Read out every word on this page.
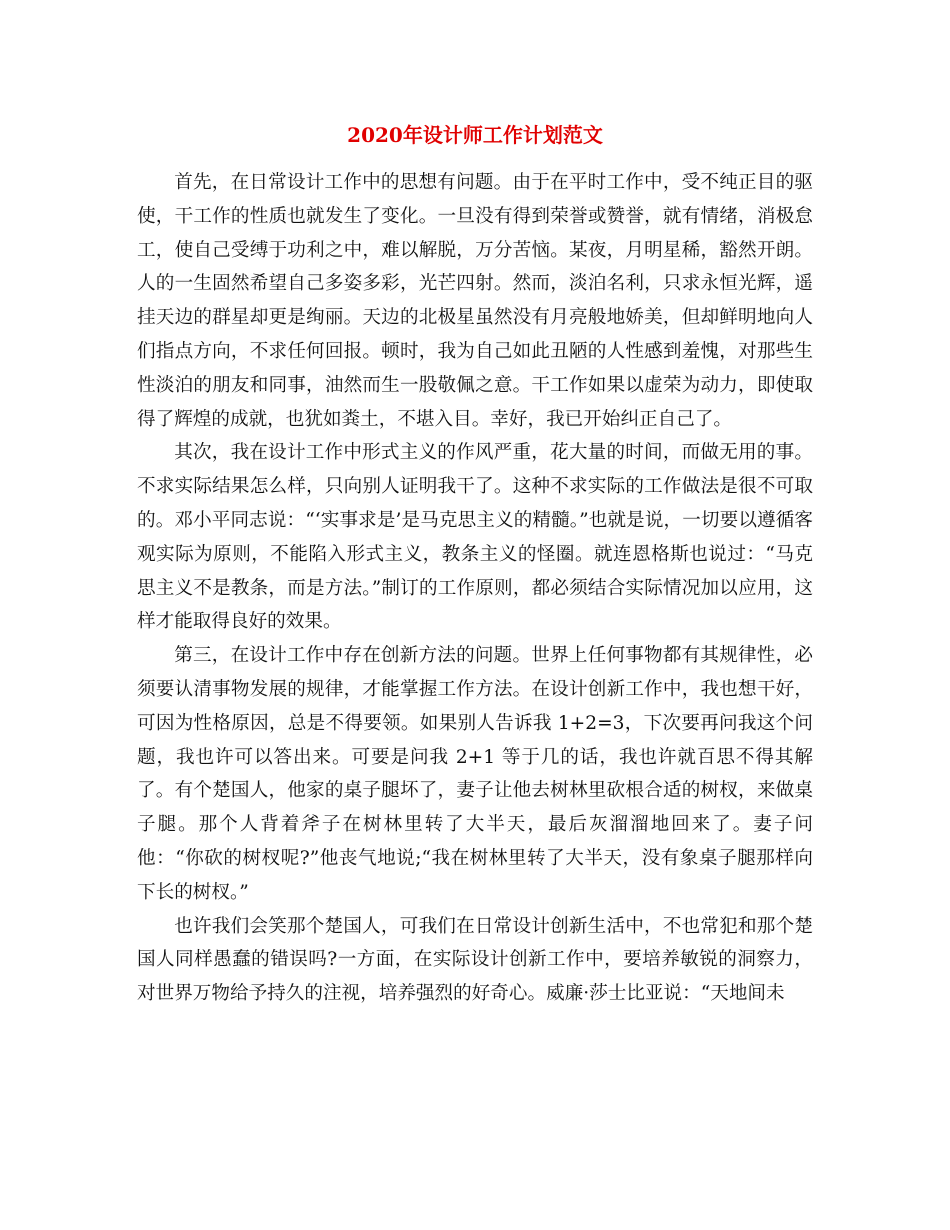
2020年设计师工作计划范文

首先，在日常设计工作中的思想有问题。由于在平时工作中，受不纯正目的驱使，干工作的性质也就发生了变化。一旦没有得到荣誉或赞誉，就有情绪，消极怠工，使自己受缚于功利之中，难以解脱，万分苦恼。某夜，月明星稀，豁然开朗。人的一生固然希望自己多姿多彩，光芒四射。然而，淡泊名利，只求永恒光辉，遥挂天边的群星却更是绚丽。天边的北极星虽然没有月亮般地娇美，但却鲜明地向人们指点方向，不求任何回报。顿时，我为自己如此丑陋的人性感到羞愧，对那些生性淡泊的朋友和同事，油然而生一股敬佩之意。干工作如果以虚荣为动力，即使取得了辉煌的成就，也犹如粪土，不堪入目。幸好，我已开始纠正自己了。

其次，我在设计工作中形式主义的作风严重，花大量的时间，而做无用的事。不求实际结果怎么样，只向别人证明我干了。这种不求实际的工作做法是很不可取的。邓小平同志说：“‘实事求是’是马克思主义的精髓。”也就是说，一切要以遵循客观实际为原则，不能陷入形式主义，教条主义的怪圈。就连恩格斯也说过：“马克思主义不是教条，而是方法。”制订的工作原则，都必须结合实际情况加以应用，这样才能取得良好的效果。

第三，在设计工作中存在创新方法的问题。世界上任何事物都有其规律性，必须要认清事物发展的规律，才能掌握工作方法。在设计创新工作中，我也想干好，可因为性格原因，总是不得要领。如果别人告诉我 1+2=3，下次要再问我这个问题，我也许可以答出来。可要是问我 2+1 等于几的话，我也许就百思不得其解了。有个楚国人，他家的桌子腿坏了，妻子让他去树林里砍根合适的树杈，来做桌子腿。那个人背着斧子在树林里转了大半天，最后灰溜溜地回来了。妻子问他：“你砍的树杈呢?”他丧气地说;“我在树林里转了大半天，没有象桌子腿那样向下长的树杈。”

也许我们会笑那个楚国人，可我们在日常设计创新生活中，不也常犯和那个楚国人同样愚蠢的错误吗?一方面，在实际设计创新工作中，要培养敏锐的洞察力，对世界万物给予持久的注视，培养强烈的好奇心。威廉·莎士比亚说：“天地间未
